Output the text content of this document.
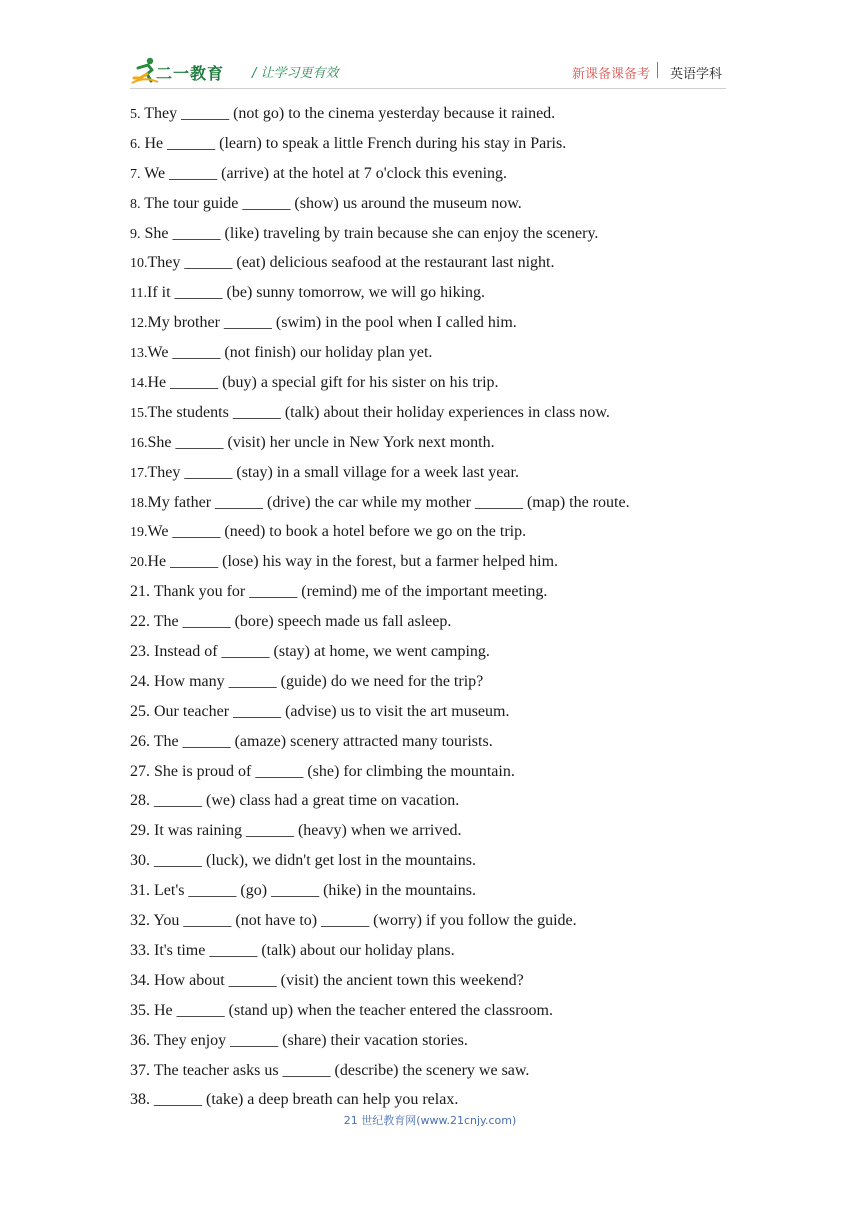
二一教育 / 让学习更有效	新课备课备考 英语学科
5. They ______ (not go) to the cinema yesterday because it rained.
6. He ______ (learn) to speak a little French during his stay in Paris.
7. We ______ (arrive) at the hotel at 7 o'clock this evening.
8. The tour guide ______ (show) us around the museum now.
9. She ______ (like) traveling by train because she can enjoy the scenery.
10.They ______ (eat) delicious seafood at the restaurant last night.
11.If it ______ (be) sunny tomorrow, we will go hiking.
12.My brother ______ (swim) in the pool when I called him.
13.We ______ (not finish) our holiday plan yet.
14.He ______ (buy) a special gift for his sister on his trip.
15.The students ______ (talk) about their holiday experiences in class now.
16.She ______ (visit) her uncle in New York next month.
17.They ______ (stay) in a small village for a week last year.
18.My father ______ (drive) the car while my mother ______ (map) the route.
19.We ______ (need) to book a hotel before we go on the trip.
20.He ______ (lose) his way in the forest, but a farmer helped him.
21. Thank you for ______ (remind) me of the important meeting.
22. The ______ (bore) speech made us fall asleep.
23. Instead of ______ (stay) at home, we went camping.
24. How many ______ (guide) do we need for the trip?
25. Our teacher ______ (advise) us to visit the art museum.
26. The ______ (amaze) scenery attracted many tourists.
27. She is proud of ______ (she) for climbing the mountain.
28. ______ (we) class had a great time on vacation.
29. It was raining ______ (heavy) when we arrived.
30. ______ (luck), we didn't get lost in the mountains.
31. Let's ______ (go) ______ (hike) in the mountains.
32. You ______ (not have to) ______ (worry) if you follow the guide.
33. It's time ______ (talk) about our holiday plans.
34. How about ______ (visit) the ancient town this weekend?
35. He ______ (stand up) when the teacher entered the classroom.
36. They enjoy ______ (share) their vacation stories.
37. The teacher asks us ______ (describe) the scenery we saw.
38. ______ (take) a deep breath can help you relax.
21 世纪教育网(www.21cnjy.com)
